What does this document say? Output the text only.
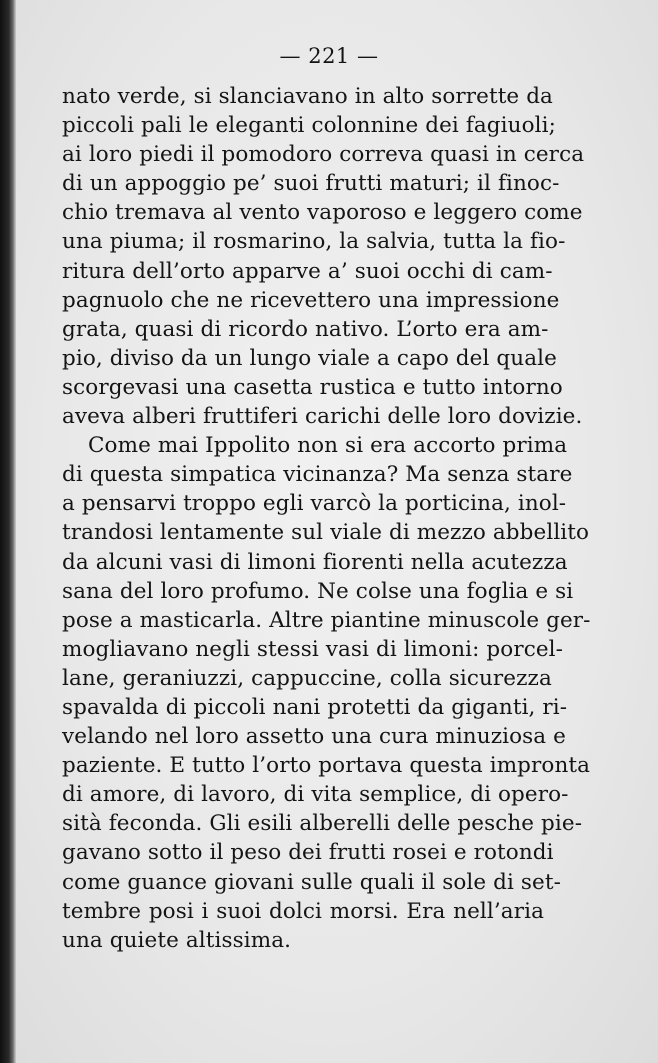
— 221 —
nato verde, si slanciavano in alto sorrette da
piccoli pali le eleganti colonnine dei fagiuoli;
ai loro piedi il pomodoro correva quasi in cerca
di un appoggio pe’ suoi frutti maturi; il finoc-
chio tremava al vento vaporoso e leggero come
una piuma; il rosmarino, la salvia, tutta la fio-
ritura dell’orto apparve a’ suoi occhi di cam-
pagnuolo che ne ricevettero una impressione
grata, quasi di ricordo nativo. L’orto era am-
pio, diviso da un lungo viale a capo del quale
scorgevasi una casetta rustica e tutto intorno
aveva alberi fruttiferi carichi delle loro dovizie.
Come mai Ippolito non si era accorto prima
di questa simpatica vicinanza? Ma senza stare
a pensarvi troppo egli varcò la porticina, inol-
trandosi lentamente sul viale di mezzo abbellito
da alcuni vasi di limoni fiorenti nella acutezza
sana del loro profumo. Ne colse una foglia e si
pose a masticarla. Altre piantine minuscole ger-
mogliavano negli stessi vasi di limoni: porcel-
lane, geraniuzzi, cappuccine, colla sicurezza
spavalda di piccoli nani protetti da giganti, ri-
velando nel loro assetto una cura minuziosa e
paziente. E tutto l’orto portava questa impronta
di amore, di lavoro, di vita semplice, di opero-
sità feconda. Gli esili alberelli delle pesche pie-
gavano sotto il peso dei frutti rosei e rotondi
come guance giovani sulle quali il sole di set-
tembre posi i suoi dolci morsi. Era nell’aria
una quiete altissima.
